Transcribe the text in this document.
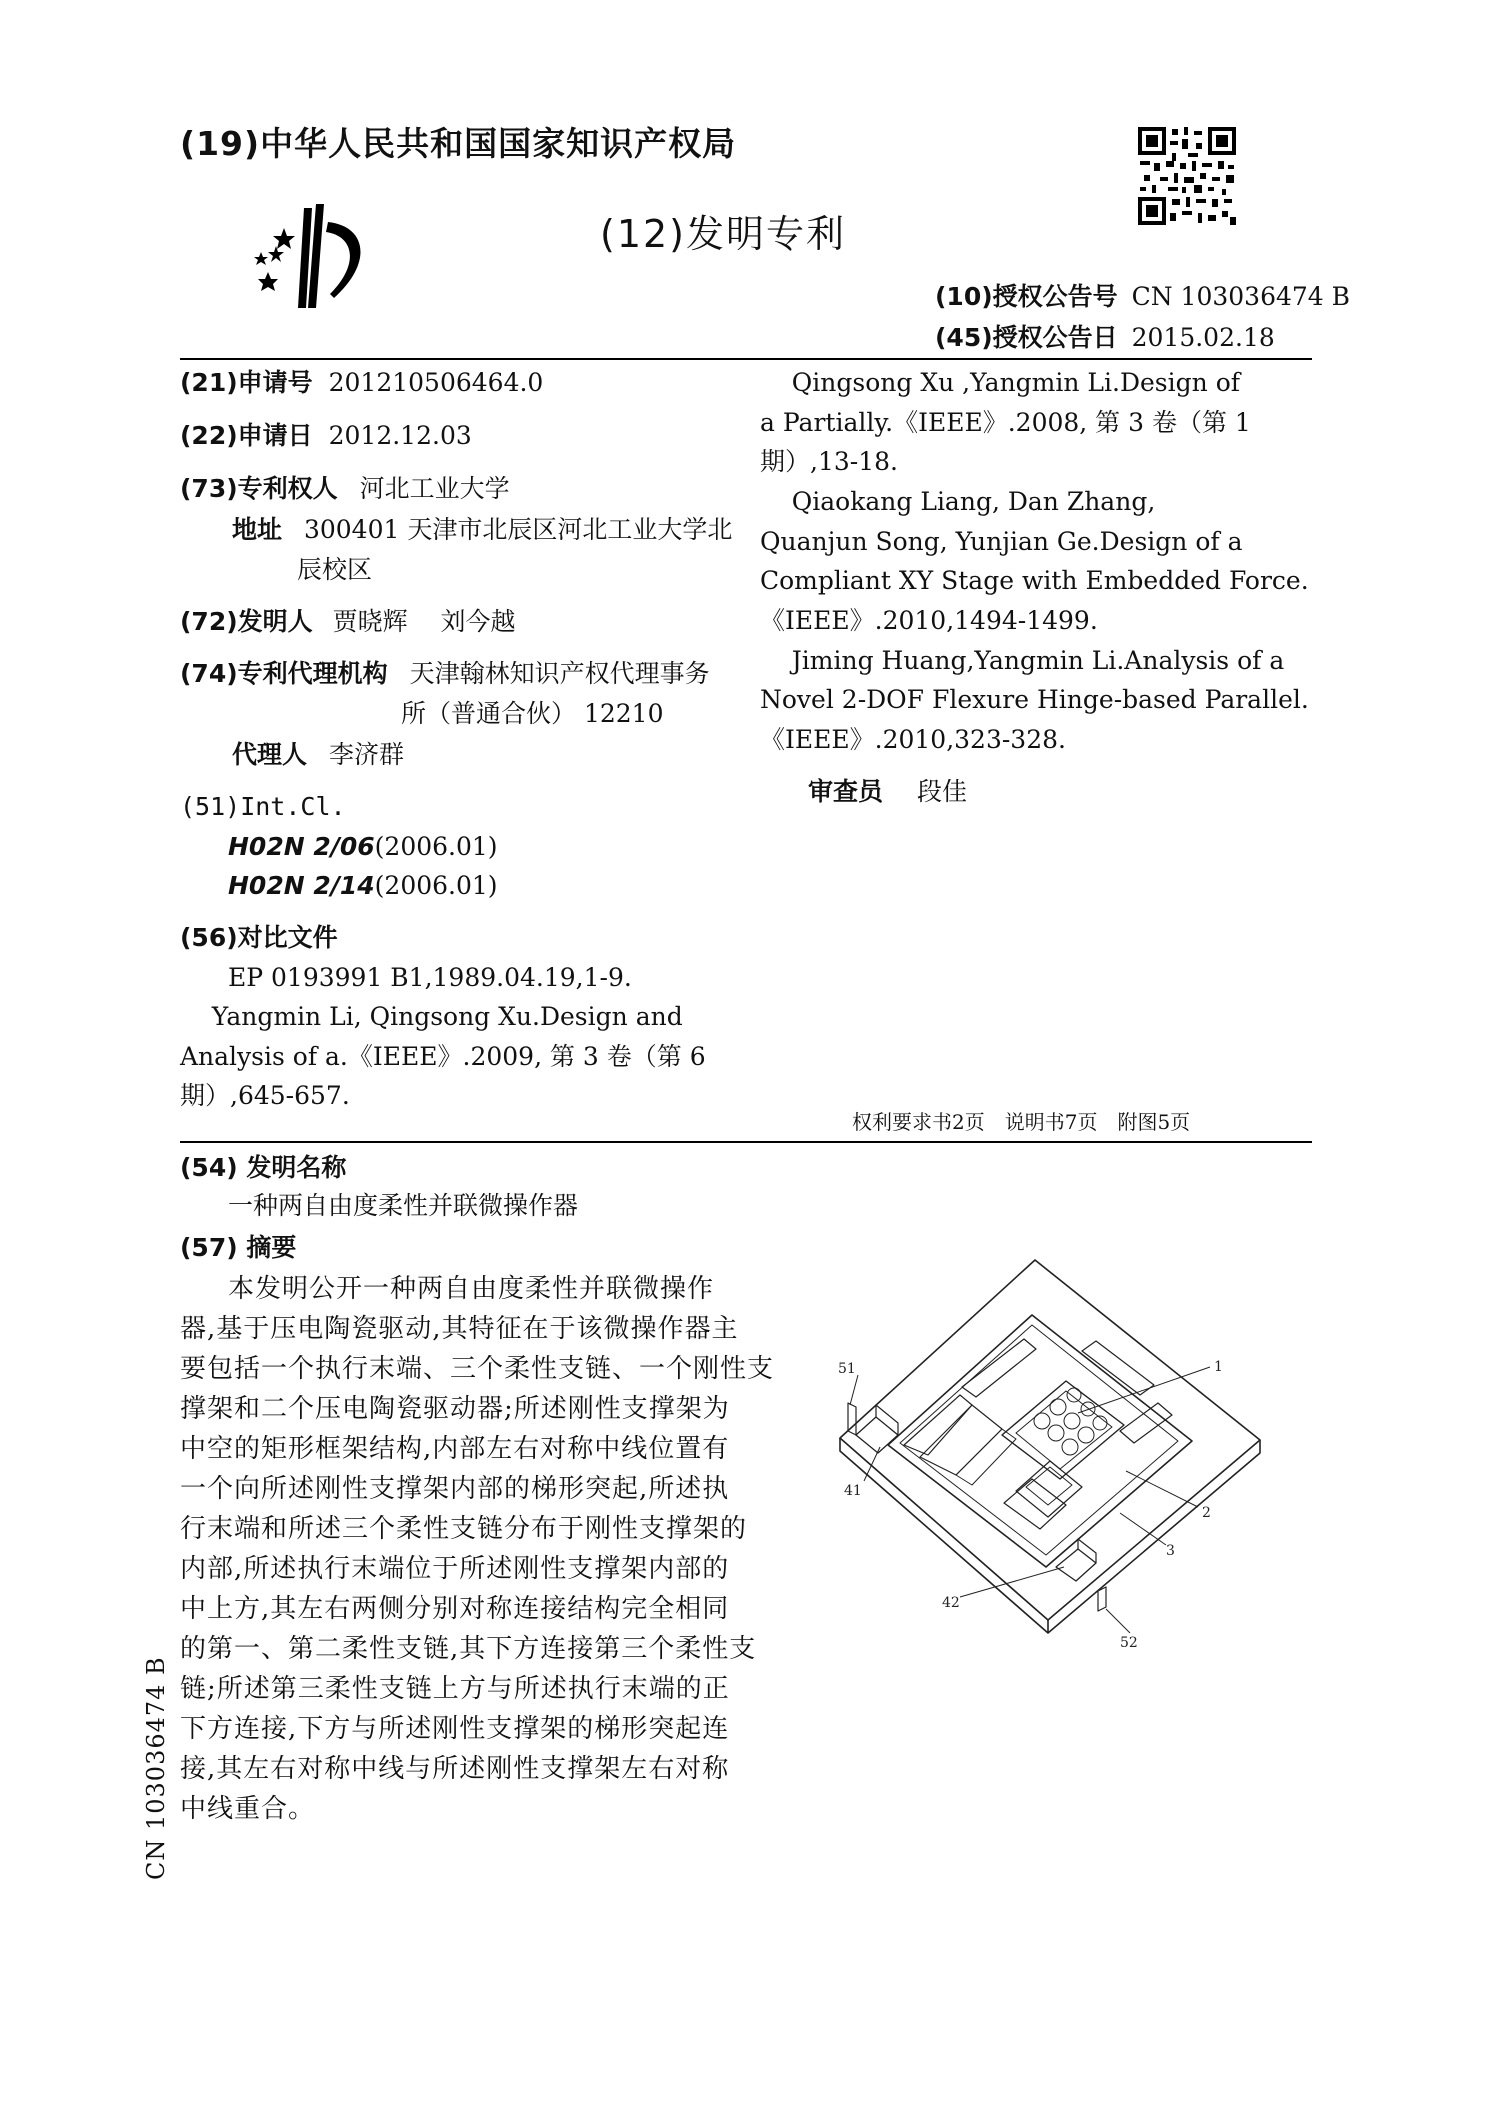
(19)中华人民共和国国家知识产权局
(12)发明专利
(10)授权公告号 CN 103036474 B
(45)授权公告日 2015.02.18
(21)申请号 201210506464.0
(22)申请日 2012.12.03
(73)专利权人 河北工业大学
地址 300401 天津市北辰区河北工业大学北
辰校区
(72)发明人 贾晓辉　 刘今越
(74)专利代理机构 天津翰林知识产权代理事务
所（普通合伙） 12210
代理人 李济群
(51)Int.Cl.
H02N 2/06(2006.01)
H02N 2/14(2006.01)
(56)对比文件
EP 0193991 B1,1989.04.19,1-9.
Yangmin Li, Qingsong Xu.Design and
Analysis of a.《IEEE》.2009, 第 3 卷（第 6
期）,645-657.
Qingsong Xu ,Yangmin Li.Design of
a Partially.《IEEE》.2008, 第 3 卷（第 1
期）,13-18.
Qiaokang Liang, Dan Zhang,
Quanjun Song, Yunjian Ge.Design of a
Compliant XY Stage with Embedded Force.
《IEEE》.2010,1494-1499.
Jiming Huang,Yangmin Li.Analysis of a
Novel 2-DOF Flexure Hinge-based Parallel.
《IEEE》.2010,323-328.
审查员 段佳
权利要求书2页　说明书7页　附图5页
(54) 发明名称
一种两自由度柔性并联微操作器
(57) 摘要
本发明公开一种两自由度柔性并联微操作
器,基于压电陶瓷驱动,其特征在于该微操作器主
要包括一个执行末端、三个柔性支链、一个刚性支
撑架和二个压电陶瓷驱动器;所述刚性支撑架为
中空的矩形框架结构,内部左右对称中线位置有
一个向所述刚性支撑架内部的梯形突起,所述执
行末端和所述三个柔性支链分布于刚性支撑架的
内部,所述执行末端位于所述刚性支撑架内部的
中上方,其左右两侧分别对称连接结构完全相同
的第一、第二柔性支链,其下方连接第三个柔性支
链;所述第三柔性支链上方与所述执行末端的正
下方连接,下方与所述刚性支撑架的梯形突起连
接,其左右对称中线与所述刚性支撑架左右对称
中线重合。
CN 103036474 B
51	1
41
2
3
42
52
